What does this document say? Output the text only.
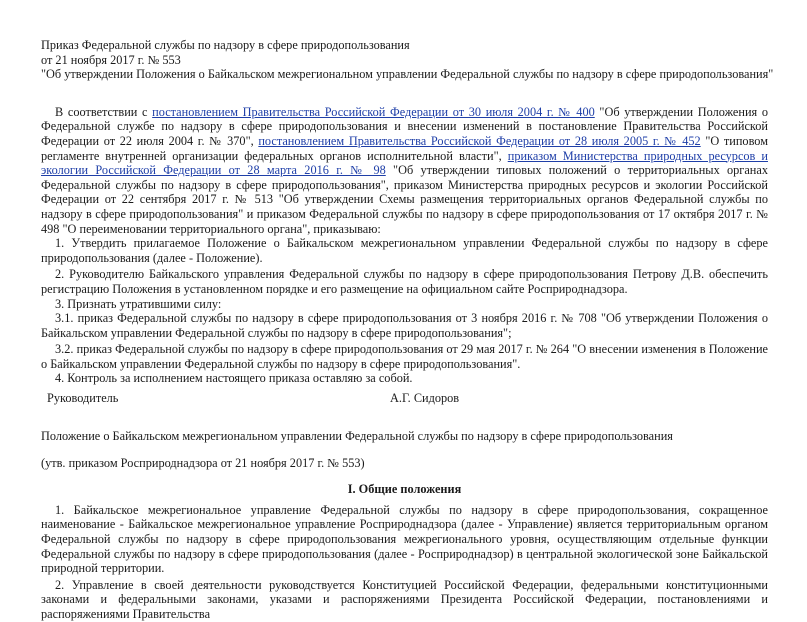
Приказ Федеральной службы по надзору в сфере природопользования
от 21 ноября 2017 г. № 553
"Об утверждении Положения о Байкальском межрегиональном управлении Федеральной службы по надзору в сфере природопользования"
В соответствии с постановлением Правительства Российской Федерации от 30 июля 2004 г. № 400 "Об утверждении Положения о Федеральной службе по надзору в сфере природопользования и внесении изменений в постановление Правительства Российской Федерации от 22 июля 2004 г. № 370", постановлением Правительства Российской Федерации от 28 июля 2005 г. № 452 "О типовом регламенте внутренней организации федеральных органов исполнительной власти", приказом Министерства природных ресурсов и экологии Российской Федерации от 28 марта 2016 г. № 98 "Об утверждении типовых положений о территориальных органах Федеральной службы по надзору в сфере природопользования", приказом Министерства природных ресурсов и экологии Российской Федерации от 22 сентября 2017 г. № 513 "Об утверждении Схемы размещения территориальных органов Федеральной службы по надзору в сфере природопользования" и приказом Федеральной службы по надзору в сфере природопользования от 17 октября 2017 г. № 498 "О переименовании территориального органа", приказываю:
1. Утвердить прилагаемое Положение о Байкальском межрегиональном управлении Федеральной службы по надзору в сфере природопользования (далее - Положение).
2. Руководителю Байкальского управления Федеральной службы по надзору в сфере природопользования Петрову Д.В. обеспечить регистрацию Положения в установленном порядке и его размещение на официальном сайте Росприроднадзора.
3. Признать утратившими силу:
3.1. приказ Федеральной службы по надзору в сфере природопользования от 3 ноября 2016 г. № 708 "Об утверждении Положения о Байкальском управлении Федеральной службы по надзору в сфере природопользования";
3.2. приказ Федеральной службы по надзору в сфере природопользования от 29 мая 2017 г. № 264 "О внесении изменения в Положение о Байкальском управлении Федеральной службы по надзору в сфере природопользования".
4. Контроль за исполнением настоящего приказа оставляю за собой.
Руководитель	А.Г. Сидоров
Положение о Байкальском межрегиональном управлении Федеральной службы по надзору в сфере природопользования
(утв. приказом Росприроднадзора от 21 ноября 2017 г. № 553)
I. Общие положения
1. Байкальское межрегиональное управление Федеральной службы по надзору в сфере природопользования, сокращенное наименование - Байкальское межрегиональное управление Росприроднадзора (далее - Управление) является территориальным органом Федеральной службы по надзору в сфере природопользования межрегионального уровня, осуществляющим отдельные функции Федеральной службы по надзору в сфере природопользования (далее - Росприроднадзор) в центральной экологической зоне Байкальской природной территории.
2. Управление в своей деятельности руководствуется Конституцией Российской Федерации, федеральными конституционными законами и федеральными законами, указами и распоряжениями Президента Российской Федерации, постановлениями и распоряжениями Правительства
